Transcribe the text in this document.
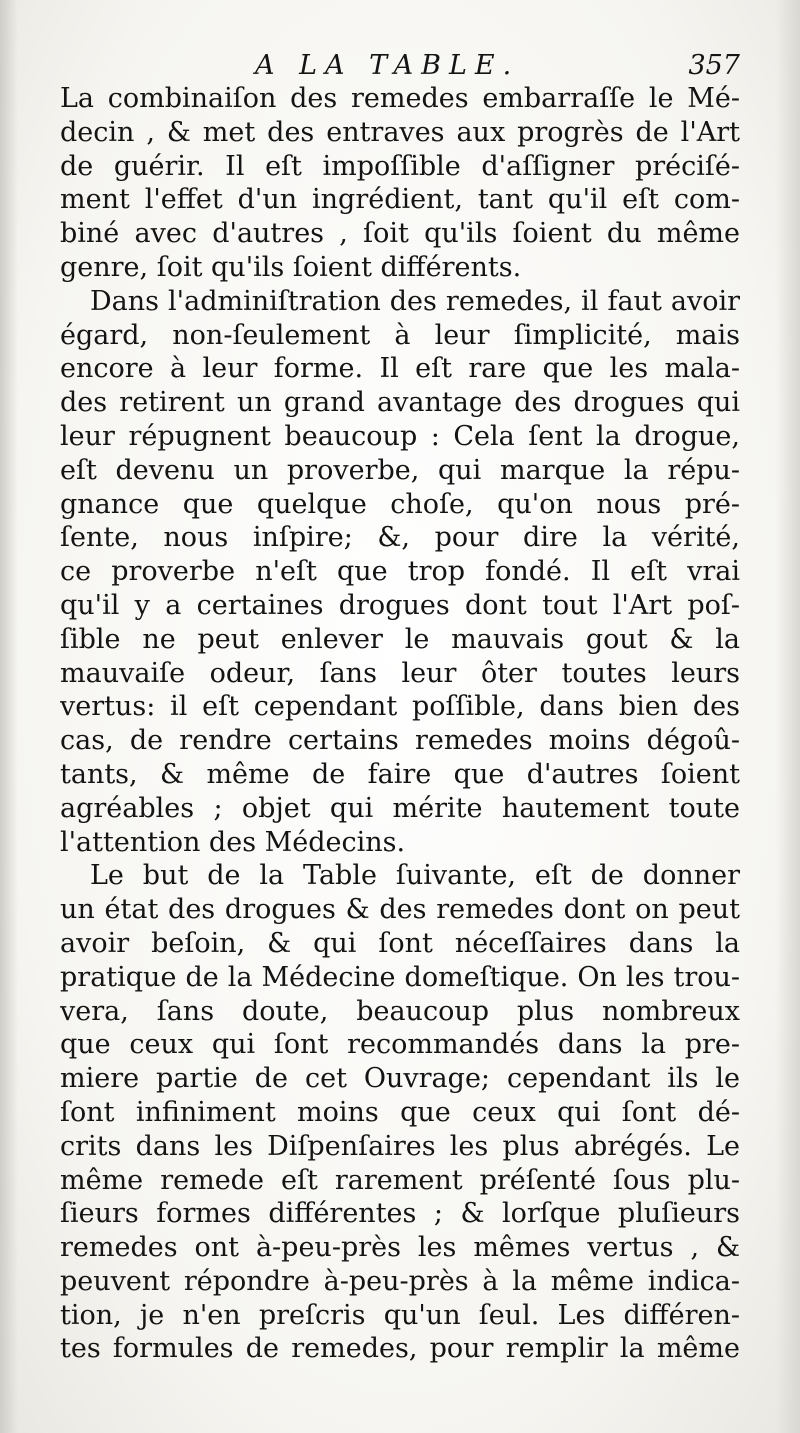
A LA TABLE.	357
La combinaiſon des remedes embarraſſe le Mé-
decin , & met des entraves aux progrès de l'Art
de guérir. Il eſt impoſſible d'aſſigner préciſé-
ment l'effet d'un ingrédient, tant qu'il eſt com-
biné avec d'autres , ſoit qu'ils ſoient du même
genre, ſoit qu'ils ſoient différents.
Dans l'adminiſtration des remedes, il faut avoir
égard, non-ſeulement à leur ſimplicité, mais
encore à leur forme. Il eſt rare que les mala-
des retirent un grand avantage des drogues qui
leur répugnent beaucoup : Cela ſent la drogue,
eſt devenu un proverbe, qui marque la répu-
gnance que quelque choſe, qu'on nous pré-
ſente, nous inſpire; &, pour dire la vérité,
ce proverbe n'eſt que trop fondé. Il eſt vrai
qu'il y a certaines drogues dont tout l'Art poſ-
ſible ne peut enlever le mauvais gout & la
mauvaiſe odeur, ſans leur ôter toutes leurs
vertus: il eſt cependant poſſible, dans bien des
cas, de rendre certains remedes moins dégoû-
tants, & même de faire que d'autres ſoient
agréables ; objet qui mérite hautement toute
l'attention des Médecins.
Le but de la Table ſuivante, eſt de donner
un état des drogues & des remedes dont on peut
avoir beſoin, & qui ſont néceſſaires dans la
pratique de la Médecine domeſtique. On les trou-
vera, ſans doute, beaucoup plus nombreux
que ceux qui ſont recommandés dans la pre-
miere partie de cet Ouvrage; cependant ils le
ſont infiniment moins que ceux qui ſont dé-
crits dans les Diſpenſaires les plus abrégés. Le
même remede eſt rarement préſenté ſous plu-
ſieurs formes différentes ; & lorſque pluſieurs
remedes ont à-peu-près les mêmes vertus , &
peuvent répondre à-peu-près à la même indica-
tion, je n'en preſcris qu'un ſeul. Les différen-
tes formules de remedes, pour remplir la même
